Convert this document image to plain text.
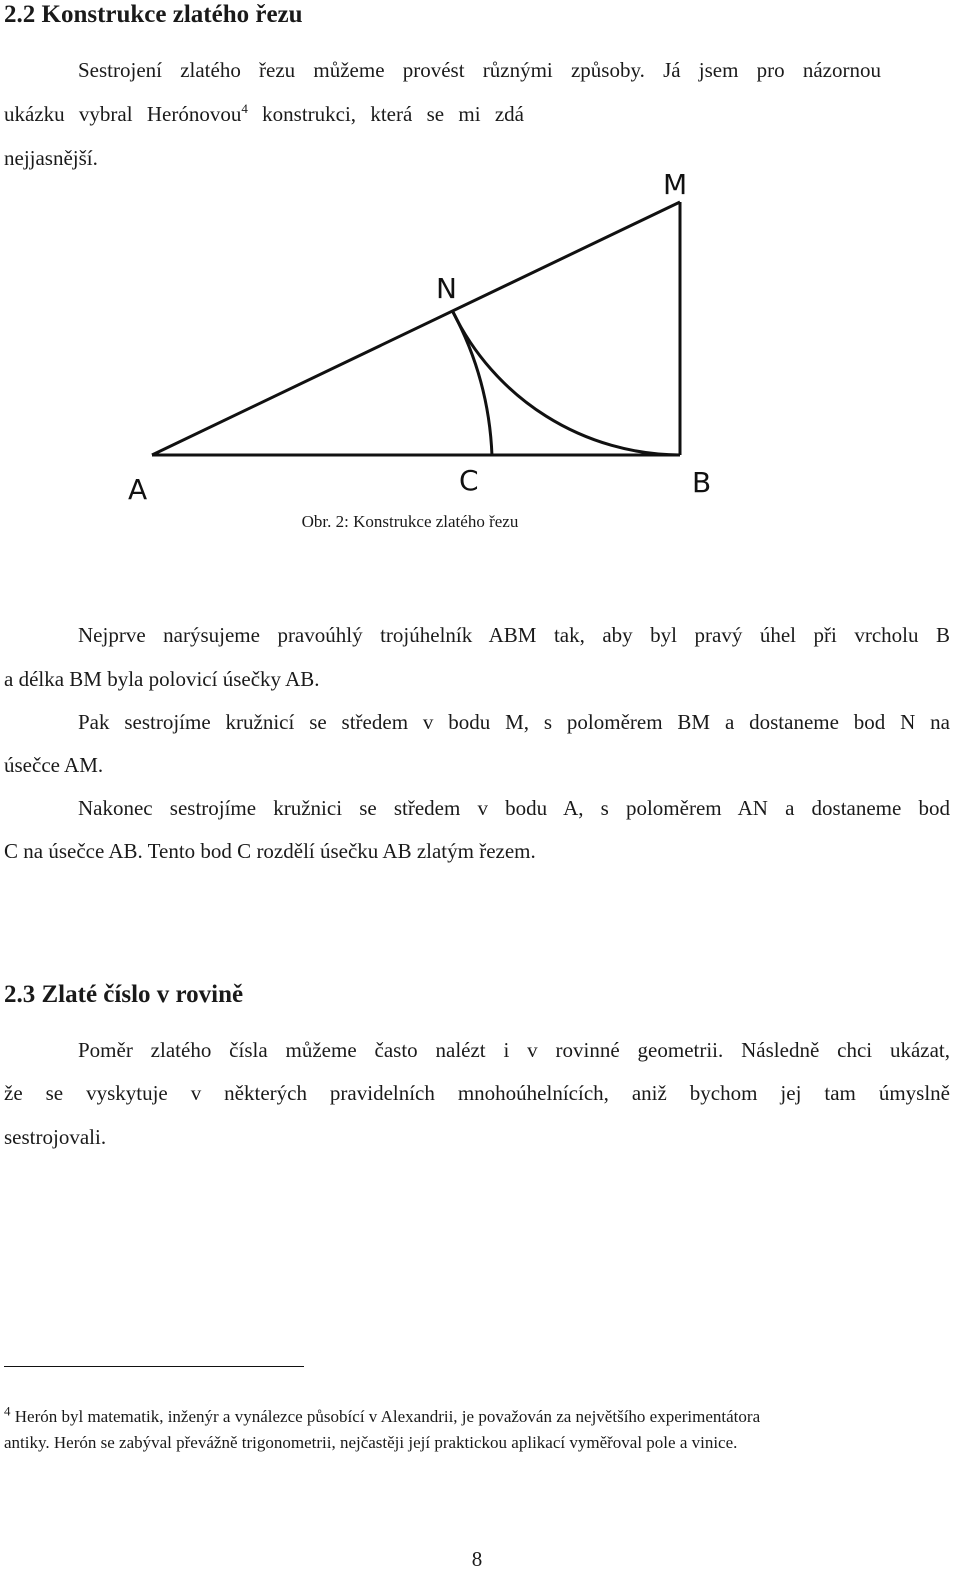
2.2 Konstrukce zlatého řezu

Sestrojení zlatého řezu můžeme provést různými způsoby. Já jsem pro názornou

ukázku vybral Herónovou$^4$ konstrukci, která se mi zdá nejjasnější.

A	B
C
M
N
Obr. 2: Konstrukce zlatého řezu

Nejprve narýsujeme pravoúhlý trojúhelník ABM tak, aby byl pravý úhel při vrcholu B

a délka BM byla polovicí úsečky AB.

Pak sestrojíme kružnicí se středem v bodu M, s poloměrem BM a dostaneme bod N na

úsečce AM.

Nakonec sestrojíme kružnici se středem v bodu A, s poloměrem AN a dostaneme bod

C na úsečce AB. Tento bod C rozdělí úsečku AB zlatým řezem.

2.3 Zlaté číslo v rovině

Poměr zlatého čísla můžeme často nalézt i v rovinné geometrii. Následně chci ukázat,

že se vyskytuje v některých pravidelních mnohoúhelnících, aniž bychom jej tam úmyslně

sestrojovali.

$^4$ Herón byl matematik, inženýr a vynálezce působící v Alexandrii, je považován za největšího experimentátora
antiky. Herón se zabýval převážně trigonometrii, nejčastěji její praktickou aplikací vyměřoval pole a vinice.
8
